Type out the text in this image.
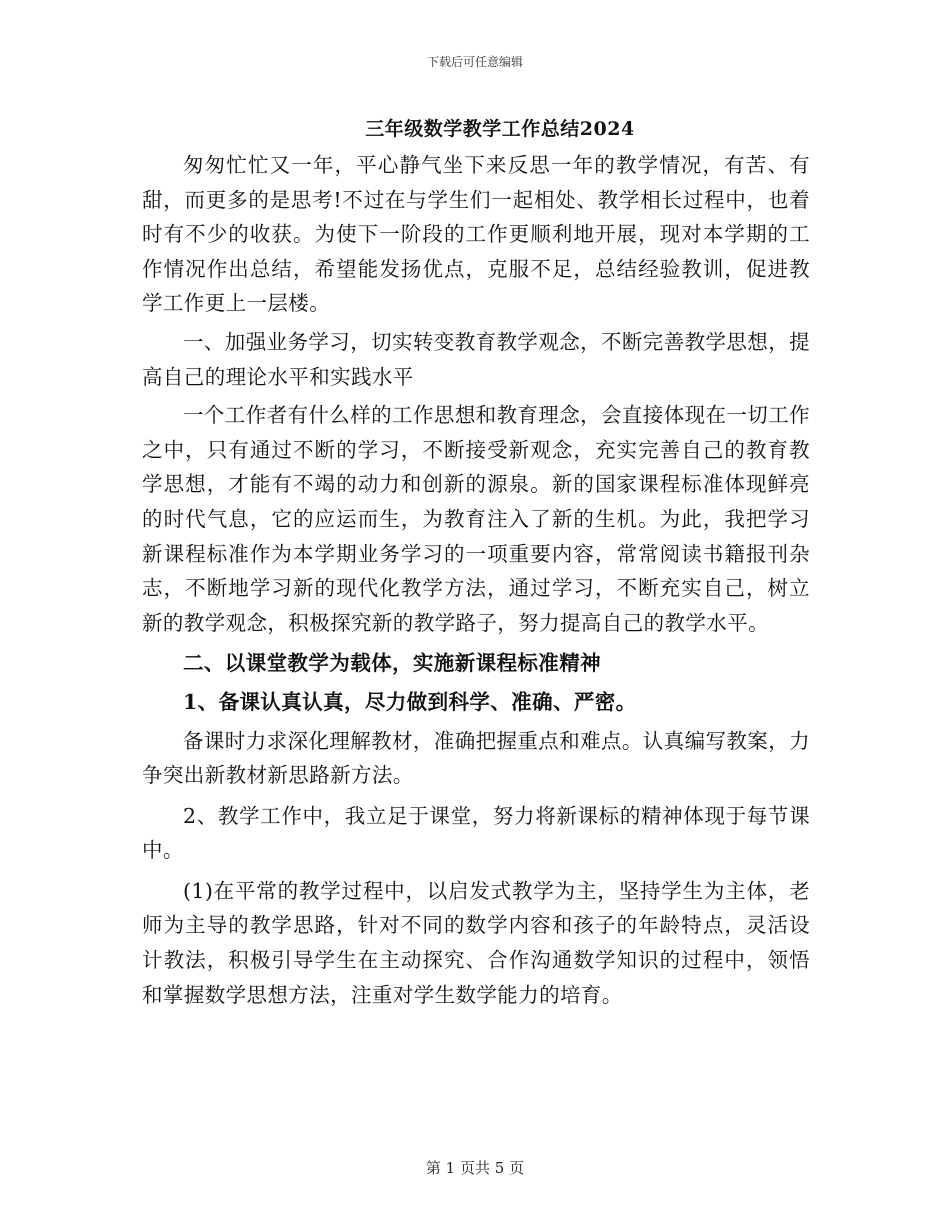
下载后可任意编辑
三年级数学教学工作总结2024

匆匆忙忙又一年，平心静气坐下来反思一年的教学情况，有苦、有甜，而更多的是思考!不过在与学生们一起相处、教学相长过程中，也着时有不少的收获。为使下一阶段的工作更顺利地开展，现对本学期的工作情况作出总结，希望能发扬优点，克服不足，总结经验教训，促进教学工作更上一层楼。

一、加强业务学习，切实转变教育教学观念，不断完善教学思想，提高自己的理论水平和实践水平

一个工作者有什么样的工作思想和教育理念，会直接体现在一切工作之中，只有通过不断的学习，不断接受新观念，充实完善自己的教育教学思想，才能有不竭的动力和创新的源泉。新的国家课程标准体现鲜亮的时代气息，它的应运而生，为教育注入了新的生机。为此，我把学习新课程标准作为本学期业务学习的一项重要内容，常常阅读书籍报刊杂志，不断地学习新的现代化教学方法，通过学习，不断充实自己，树立新的教学观念，积极探究新的教学路子，努力提高自己的教学水平。

二、以课堂教学为载体，实施新课程标准精神

1、备课认真认真，尽力做到科学、准确、严密。

备课时力求深化理解教材，准确把握重点和难点。认真编写教案，力争突出新教材新思路新方法。

2、教学工作中，我立足于课堂，努力将新课标的精神体现于每节课中。

(1)在平常的教学过程中，以启发式教学为主，坚持学生为主体，老师为主导的教学思路，针对不同的数学内容和孩子的年龄特点，灵活设计教法，积极引导学生在主动探究、合作沟通数学知识的过程中，领悟和掌握数学思想方法，注重对学生数学能力的培育。

第 1 页共 5 页
